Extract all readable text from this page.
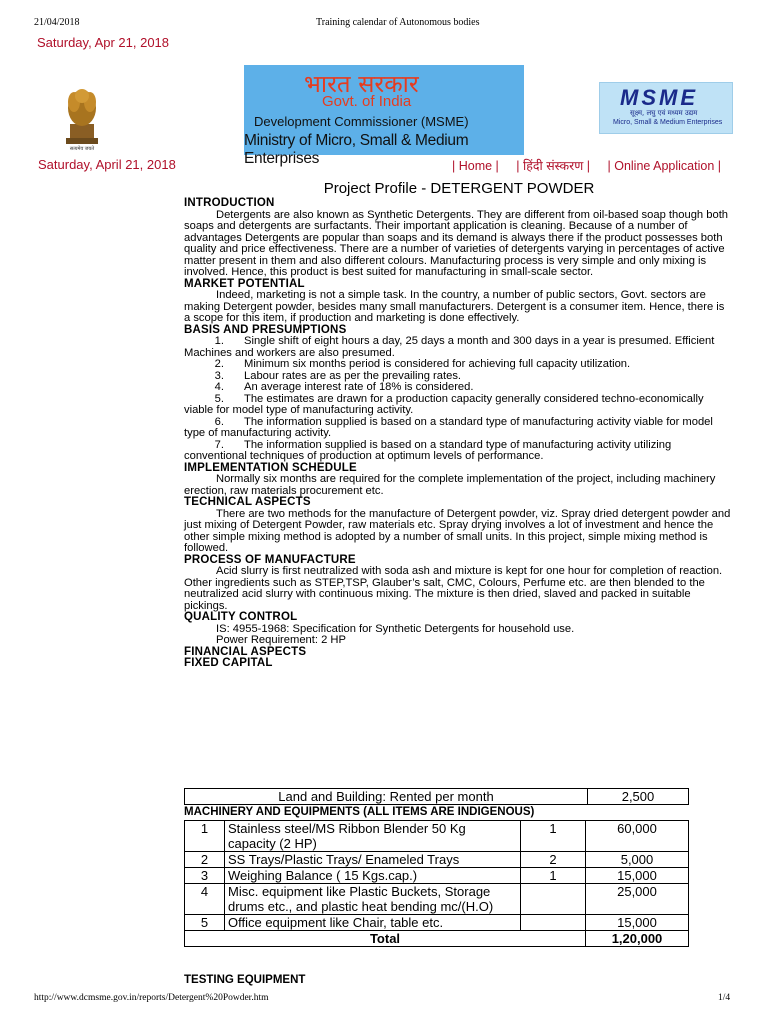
21/04/2018	Training calendar of Autonomous bodies
Saturday, Apr 21, 2018
सत्यमेव जयते
भारत सरकार
Govt. of India
Development Commissioner (MSME)
Ministry of Micro, Small & Medium Enterprises
MSME
सूक्ष्म, लघु एवं मध्यम उद्यम
Micro, Small & Medium Enterprises
Saturday, April 21, 2018	| Home | | हिंदी संस्करण | | Online Application |
Project Profile - DETERGENT POWDER
INTRODUCTION

Detergents are also known as Synthetic Detergents. They are different from oil-based soap though both soaps and detergents are surfactants. Their important application is cleaning. Because of a number of advantages Detergents are popular than soaps and its demand is always there if the product possesses both quality and price effectiveness. There are a number of varieties of detergents varying in percentages of active matter present in them and also different colours. Manufacturing process is very simple and only mixing is involved. Hence, this product is best suited for manufacturing in small-scale sector.

MARKET POTENTIAL

Indeed, marketing is not a simple task. In the country, a number of public sectors, Govt. sectors are making Detergent powder, besides many small manufacturers. Detergent is a consumer item. Hence, there is a scope for this item, if production and marketing is done effectively.

BASIS AND PRESUMPTIONS
1. Single shift of eight hours a day, 25 days a month and 300 days in a year is presumed. Efficient Machines and workers are also presumed.
2. Minimum six months period is considered for achieving full capacity utilization.
3. Labour rates are as per the prevailing rates.
4. An average interest rate of 18% is considered.
5. The estimates are drawn for a production capacity generally considered techno-economically viable for model type of manufacturing activity.
6. The information supplied is based on a standard type of manufacturing activity viable for model type of manufacturing activity.
7. The information supplied is based on a standard type of manufacturing activity utilizing conventional techniques of production at optimum levels of performance.
IMPLEMENTATION SCHEDULE

Normally six months are required for the complete implementation of the project, including machinery erection, raw materials procurement etc.

TECHNICAL ASPECTS

There are two methods for the manufacture of Detergent powder, viz. Spray dried detergent powder and just mixing of Detergent Powder, raw materials etc. Spray drying involves a lot of investment and hence the other simple mixing method is adopted by a number of small units. In this project, simple mixing method is followed.

PROCESS OF MANUFACTURE

Acid slurry is first neutralized with soda ash and mixture is kept for one hour for completion of reaction. Other ingredients such as STEP,TSP, Glauber’s salt, CMC, Colours, Perfume etc. are then blended to the neutralized acid slurry with continuous mixing. The mixture is then dried, slaved and packed in suitable pickings.

QUALITY CONTROL
IS: 4955-1968: Specification for Synthetic Detergents for household use.
Power Requirement: 2 HP
FINANCIAL ASPECTS
FIXED CAPITAL
Land and Building: Rented per month	2,500
MACHINERY AND EQUIPMENTS (ALL ITEMS ARE INDIGENOUS)
1	Stainless steel/MS Ribbon Blender 50 Kg capacity (2 HP)	1	60,000
2	SS Trays/Plastic Trays/ Enameled Trays	2	5,000
3	Weighing Balance ( 15 Kgs.cap.)	1	15,000
4	Misc. equipment like Plastic Buckets, Storage drums etc., and plastic heat bending mc/(H.O)		25,000
5	Office equipment like Chair, table etc.		15,000
Total			1,20,000
TESTING EQUIPMENT
http://www.dcmsme.gov.in/reports/Detergent%20Powder.htm	1/4
